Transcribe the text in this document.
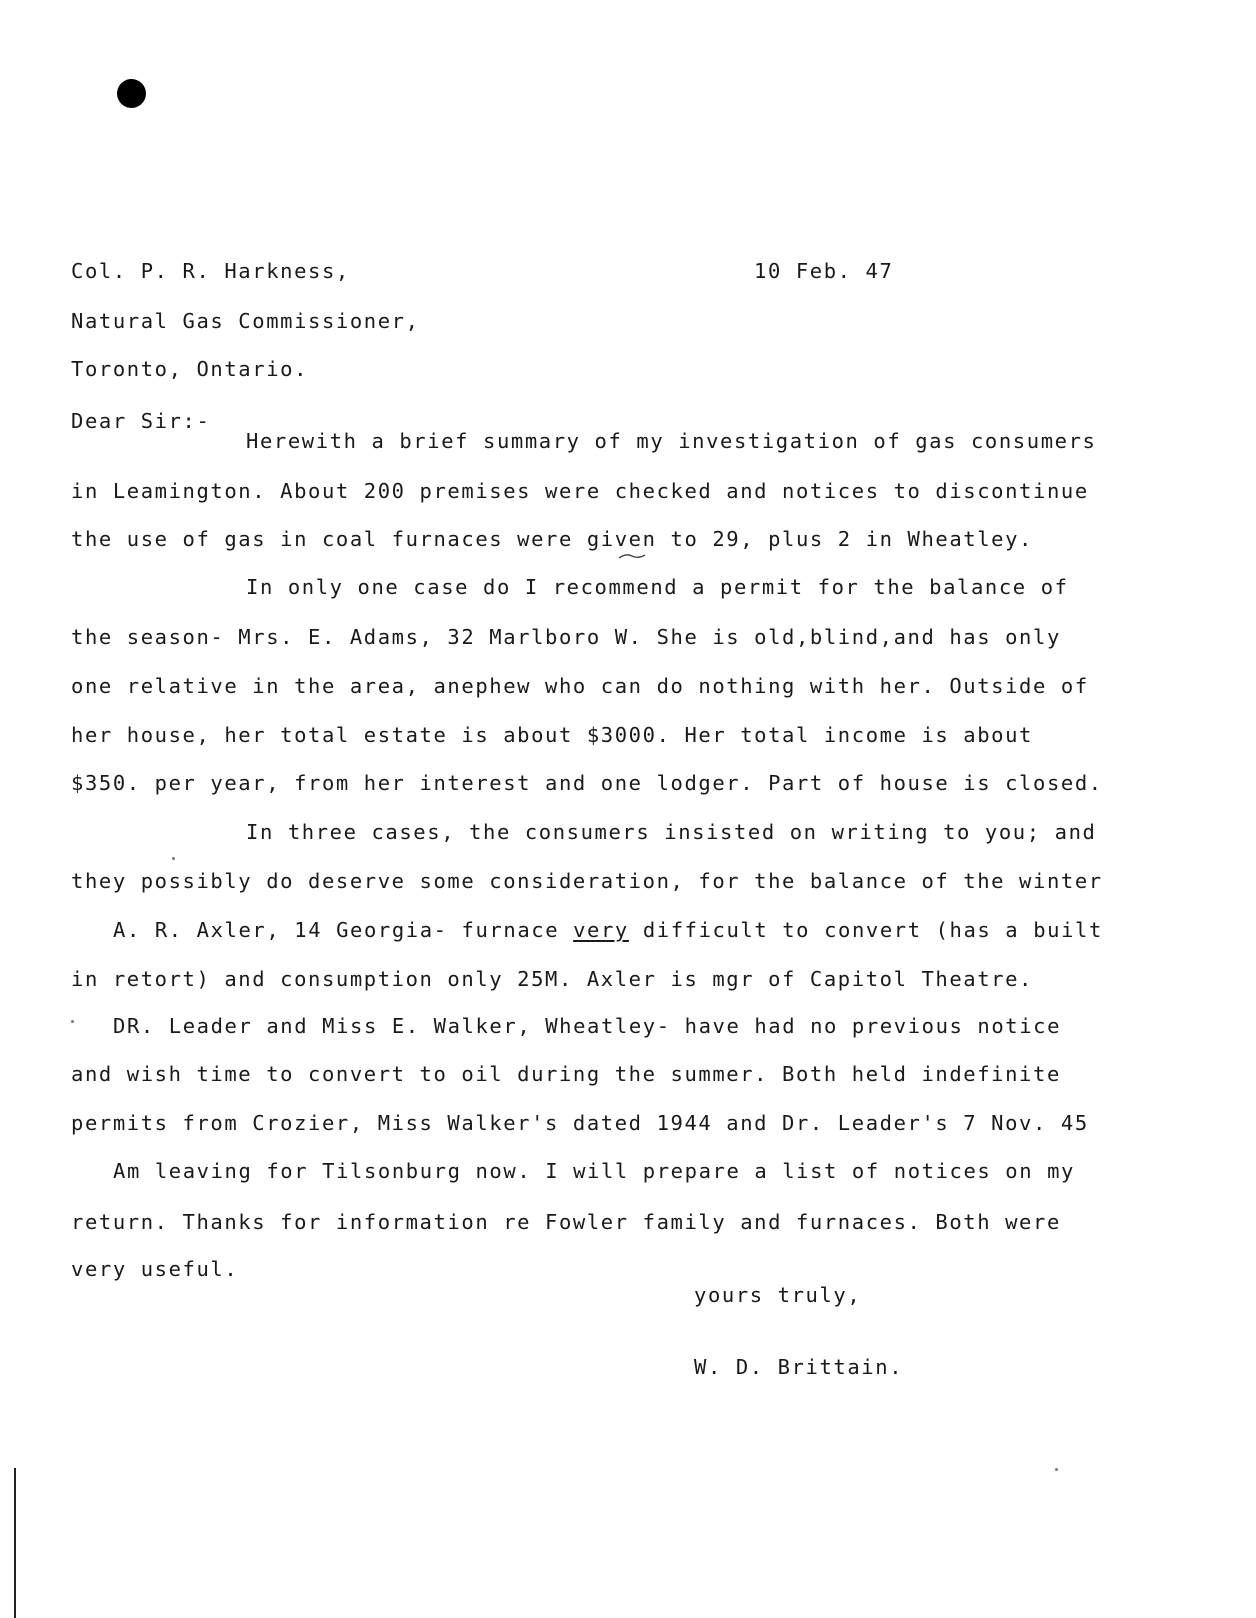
Col. P. R. Harkness,	10 Feb. 47
Natural Gas Commissioner,
Toronto, Ontario.
Dear Sir:-
Herewith a brief summary of my investigation of gas consumers
in Leamington. About 200 premises were checked and notices to discontinue
the use of gas in coal furnaces were given to 29, plus 2 in Wheatley.
In only one case do I recommend a permit for the balance of
the season- Mrs. E. Adams, 32 Marlboro W. She is old,blind,and has only
one relative in the area, anephew who can do nothing with her. Outside of
her house, her total estate is about $3000. Her total income is about
$350. per year, from her interest and one lodger. Part of house is closed.
In three cases, the consumers insisted on writing to you; and
they possibly do deserve some consideration, for the balance of the winter
A. R. Axler, 14 Georgia- furnace very difficult to convert (has a built
in retort) and consumption only 25M. Axler is mgr of Capitol Theatre.
DR. Leader and Miss E. Walker, Wheatley- have had no previous notice
and wish time to convert to oil during the summer. Both held indefinite
permits from Crozier, Miss Walker's dated 1944 and Dr. Leader's 7 Nov. 45
Am leaving for Tilsonburg now. I will prepare a list of notices on my
return. Thanks for information re Fowler family and furnaces. Both were
very useful.
yours truly,
W. D. Brittain.
